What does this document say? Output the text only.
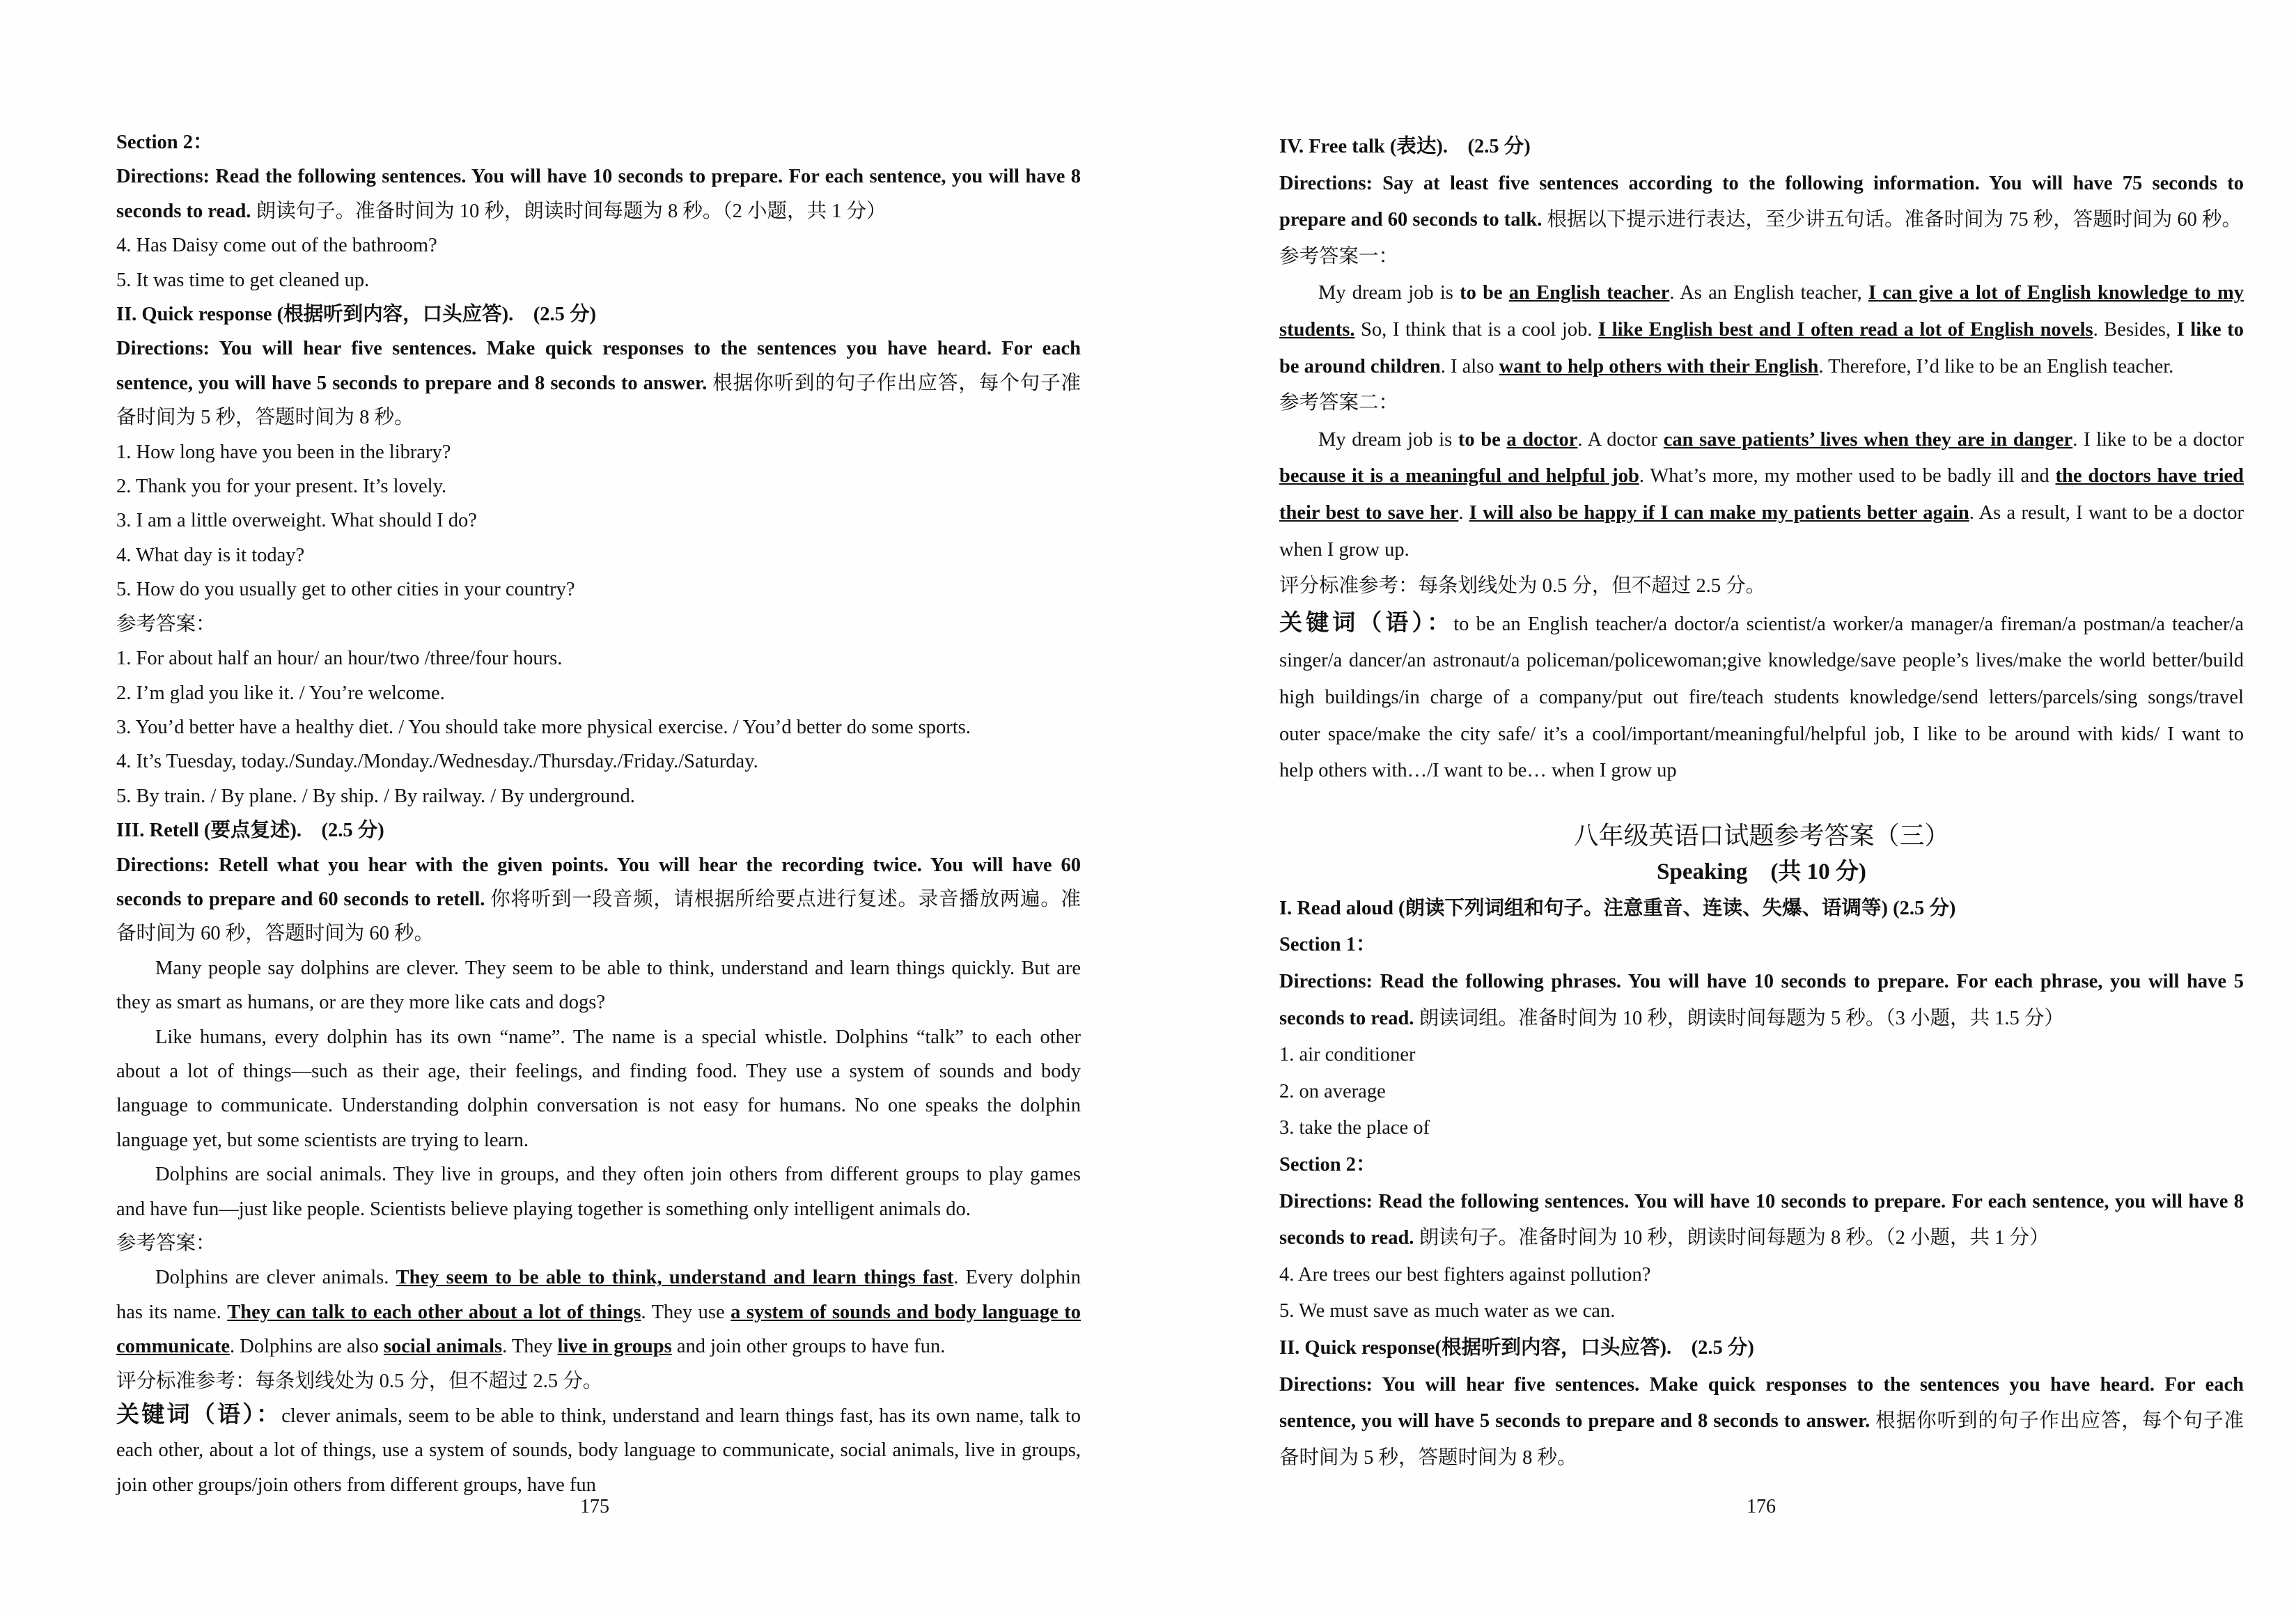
Section 2：
Directions: Read the following sentences. You will have 10 seconds to prepare. For each sentence, you will have 8
seconds to read. 朗读句子。准备时间为 10 秒，朗读时间每题为 8 秒。（2 小题，共 1 分）
4. Has Daisy come out of the bathroom?
5. It was time to get cleaned up.
II. Quick response (根据听到内容，口头应答).　(2.5 分)
Directions: You will hear five sentences. Make quick responses to the sentences you have heard. For each
sentence, you will have 5 seconds to prepare and 8 seconds to answer. 根据你听到的句子作出应答，每个句子准
备时间为 5 秒，答题时间为 8 秒。
1. How long have you been in the library?
2. Thank you for your present. It’s lovely.
3. I am a little overweight. What should I do?
4. What day is it today?
5. How do you usually get to other cities in your country?
参考答案：
1. For about half an hour/ an hour/two /three/four hours.
2. I’m glad you like it. / You’re welcome.
3. You’d better have a healthy diet. / You should take more physical exercise. / You’d better do some sports.
4. It’s Tuesday, today./Sunday./Monday./Wednesday./Thursday./Friday./Saturday.
5. By train. / By plane. / By ship. / By railway. / By underground.
III. Retell (要点复述).　(2.5 分)
Directions: Retell what you hear with the given points. You will hear the recording twice. You will have 60
seconds to prepare and 60 seconds to retell. 你将听到一段音频，请根据所给要点进行复述。录音播放两遍。准
备时间为 60 秒，答题时间为 60 秒。
Many people say dolphins are clever. They seem to be able to think, understand and learn things quickly. But are
they as smart as humans, or are they more like cats and dogs?
Like humans, every dolphin has its own “name”. The name is a special whistle. Dolphins “talk” to each other
about a lot of things—such as their age, their feelings, and finding food. They use a system of sounds and body
language to communicate. Understanding dolphin conversation is not easy for humans. No one speaks the dolphin
language yet, but some scientists are trying to learn.
Dolphins are social animals. They live in groups, and they often join others from different groups to play games
and have fun—just like people. Scientists believe playing together is something only intelligent animals do.
参考答案：
Dolphins are clever animals. They seem to be able to think, understand and learn things fast. Every dolphin
has its name. They can talk to each other about a lot of things. They use a system of sounds and body language to
communicate. Dolphins are also social animals. They live in groups and join other groups to have fun.
评分标准参考：每条划线处为 0.5 分，但不超过 2.5 分。
关键词（语）：clever animals, seem to be able to think, understand and learn things fast, has its own name, talk to
each other, about a lot of things, use a system of sounds, body language to communicate, social animals, live in groups,
join other groups/join others from different groups, have fun
175
IV. Free talk (表达).　(2.5 分)
Directions: Say at least five sentences according to the following information. You will have 75 seconds to
prepare and 60 seconds to talk. 根据以下提示进行表达，至少讲五句话。准备时间为 75 秒，答题时间为 60 秒。
参考答案一：
My dream job is to be an English teacher. As an English teacher, I can give a lot of English knowledge to my
students. So, I think that is a cool job. I like English best and I often read a lot of English novels. Besides, I like to
be around children. I also want to help others with their English. Therefore, I’d like to be an English teacher.
参考答案二：
My dream job is to be a doctor. A doctor can save patients’ lives when they are in danger. I like to be a doctor
because it is a meaningful and helpful job. What’s more, my mother used to be badly ill and the doctors have tried
their best to save her. I will also be happy if I can make my patients better again. As a result, I want to be a doctor
when I grow up.
评分标准参考：每条划线处为 0.5 分，但不超过 2.5 分。
关键词（语）：to be an English teacher/a doctor/a scientist/a worker/a manager/a fireman/a postman/a teacher/a
singer/a dancer/an astronaut/a policeman/policewoman;give knowledge/save people’s lives/make the world better/build
high buildings/in charge of a company/put out fire/teach students knowledge/send letters/parcels/sing songs/travel
outer space/make the city safe/ it’s a cool/important/meaningful/helpful job, I like to be around with kids/ I want to
help others with…/I want to be… when I grow up
八年级英语口试题参考答案（三）
Speaking　(共 10 分)
I. Read aloud (朗读下列词组和句子。注意重音、连读、失爆、语调等) (2.5 分)
Section 1：
Directions: Read the following phrases. You will have 10 seconds to prepare. For each phrase, you will have 5
seconds to read. 朗读词组。准备时间为 10 秒，朗读时间每题为 5 秒。（3 小题，共 1.5 分）
1. air conditioner
2. on average
3. take the place of
Section 2：
Directions: Read the following sentences. You will have 10 seconds to prepare. For each sentence, you will have 8
seconds to read. 朗读句子。准备时间为 10 秒，朗读时间每题为 8 秒。（2 小题，共 1 分）
4. Are trees our best fighters against pollution?
5. We must save as much water as we can.
II. Quick response(根据听到内容，口头应答).　(2.5 分)
Directions: You will hear five sentences. Make quick responses to the sentences you have heard. For each
sentence, you will have 5 seconds to prepare and 8 seconds to answer. 根据你听到的句子作出应答，每个句子准
备时间为 5 秒，答题时间为 8 秒。
176
